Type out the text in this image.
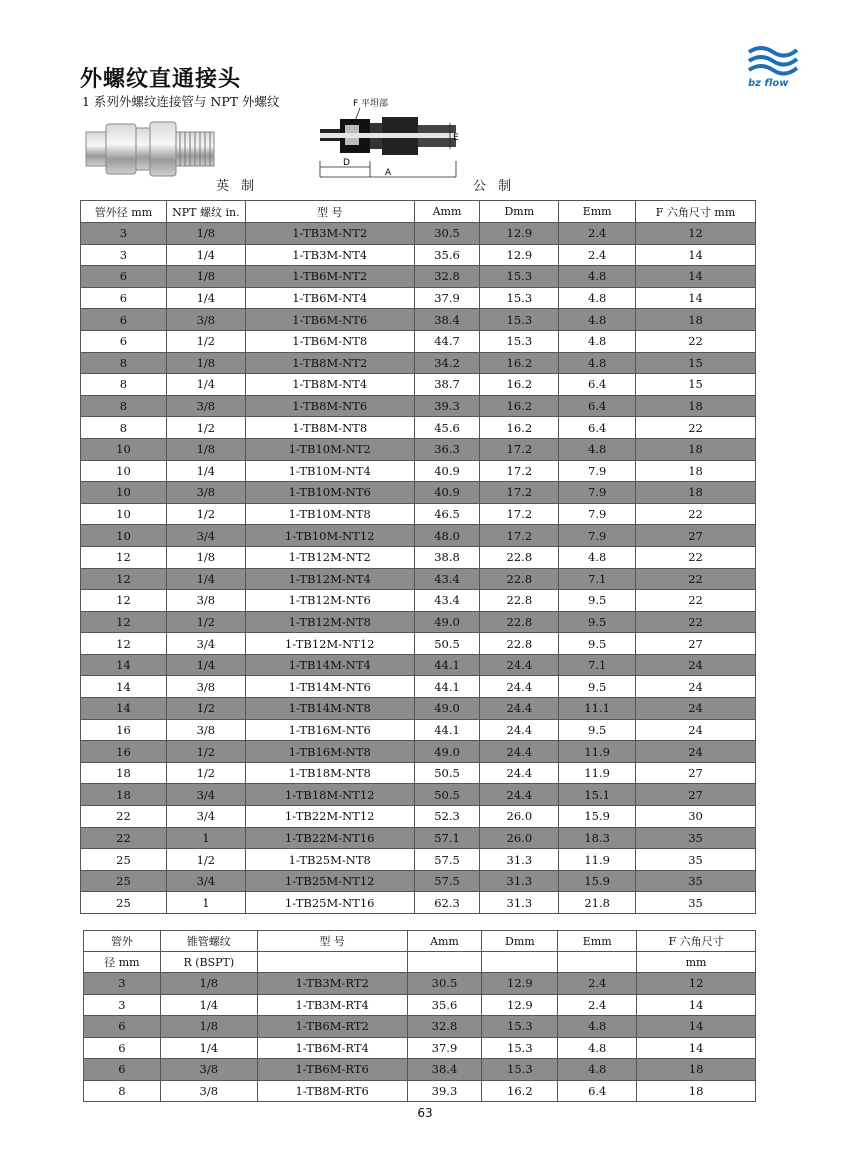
外螺纹直通接头
1 系列外螺纹连接管与 NPT 外螺纹
bz flow
F 平坦部
E
D
A
英 制	公 制
管外径 mm	NPT 螺纹 in.	型 号	Amm	Dmm	Emm	F 六角尺寸 mm
3	1/8	1-TB3M-NT2	30.5	12.9	2.4	12
3	1/4	1-TB3M-NT4	35.6	12.9	2.4	14
6	1/8	1-TB6M-NT2	32.8	15.3	4.8	14
6	1/4	1-TB6M-NT4	37.9	15.3	4.8	14
6	3/8	1-TB6M-NT6	38.4	15.3	4.8	18
6	1/2	1-TB6M-NT8	44.7	15.3	4.8	22
8	1/8	1-TB8M-NT2	34.2	16.2	4.8	15
8	1/4	1-TB8M-NT4	38.7	16.2	6.4	15
8	3/8	1-TB8M-NT6	39.3	16.2	6.4	18
8	1/2	1-TB8M-NT8	45.6	16.2	6.4	22
10	1/8	1-TB10M-NT2	36.3	17.2	4.8	18
10	1/4	1-TB10M-NT4	40.9	17.2	7.9	18
10	3/8	1-TB10M-NT6	40.9	17.2	7.9	18
10	1/2	1-TB10M-NT8	46.5	17.2	7.9	22
10	3/4	1-TB10M-NT12	48.0	17.2	7.9	27
12	1/8	1-TB12M-NT2	38.8	22.8	4.8	22
12	1/4	1-TB12M-NT4	43.4	22.8	7.1	22
12	3/8	1-TB12M-NT6	43.4	22.8	9.5	22
12	1/2	1-TB12M-NT8	49.0	22.8	9.5	22
12	3/4	1-TB12M-NT12	50.5	22.8	9.5	27
14	1/4	1-TB14M-NT4	44.1	24.4	7.1	24
14	3/8	1-TB14M-NT6	44.1	24.4	9.5	24
14	1/2	1-TB14M-NT8	49.0	24.4	11.1	24
16	3/8	1-TB16M-NT6	44.1	24.4	9.5	24
16	1/2	1-TB16M-NT8	49.0	24.4	11.9	24
18	1/2	1-TB18M-NT8	50.5	24.4	11.9	27
18	3/4	1-TB18M-NT12	50.5	24.4	15.1	27
22	3/4	1-TB22M-NT12	52.3	26.0	15.9	30
22	1	1-TB22M-NT16	57.1	26.0	18.3	35
25	1/2	1-TB25M-NT8	57.5	31.3	11.9	35
25	3/4	1-TB25M-NT12	57.5	31.3	15.9	35
25	1	1-TB25M-NT16	62.3	31.3	21.8	35
管外	锥管螺纹	型 号	Amm	Dmm	Emm	F 六角尺寸
径 mm	R (BSPT)					mm
3	1/8	1-TB3M-RT2	30.5	12.9	2.4	12
3	1/4	1-TB3M-RT4	35.6	12.9	2.4	14
6	1/8	1-TB6M-RT2	32.8	15.3	4.8	14
6	1/4	1-TB6M-RT4	37.9	15.3	4.8	14
6	3/8	1-TB6M-RT6	38.4	15.3	4.8	18
8	3/8	1-TB8M-RT6	39.3	16.2	6.4	18
63
